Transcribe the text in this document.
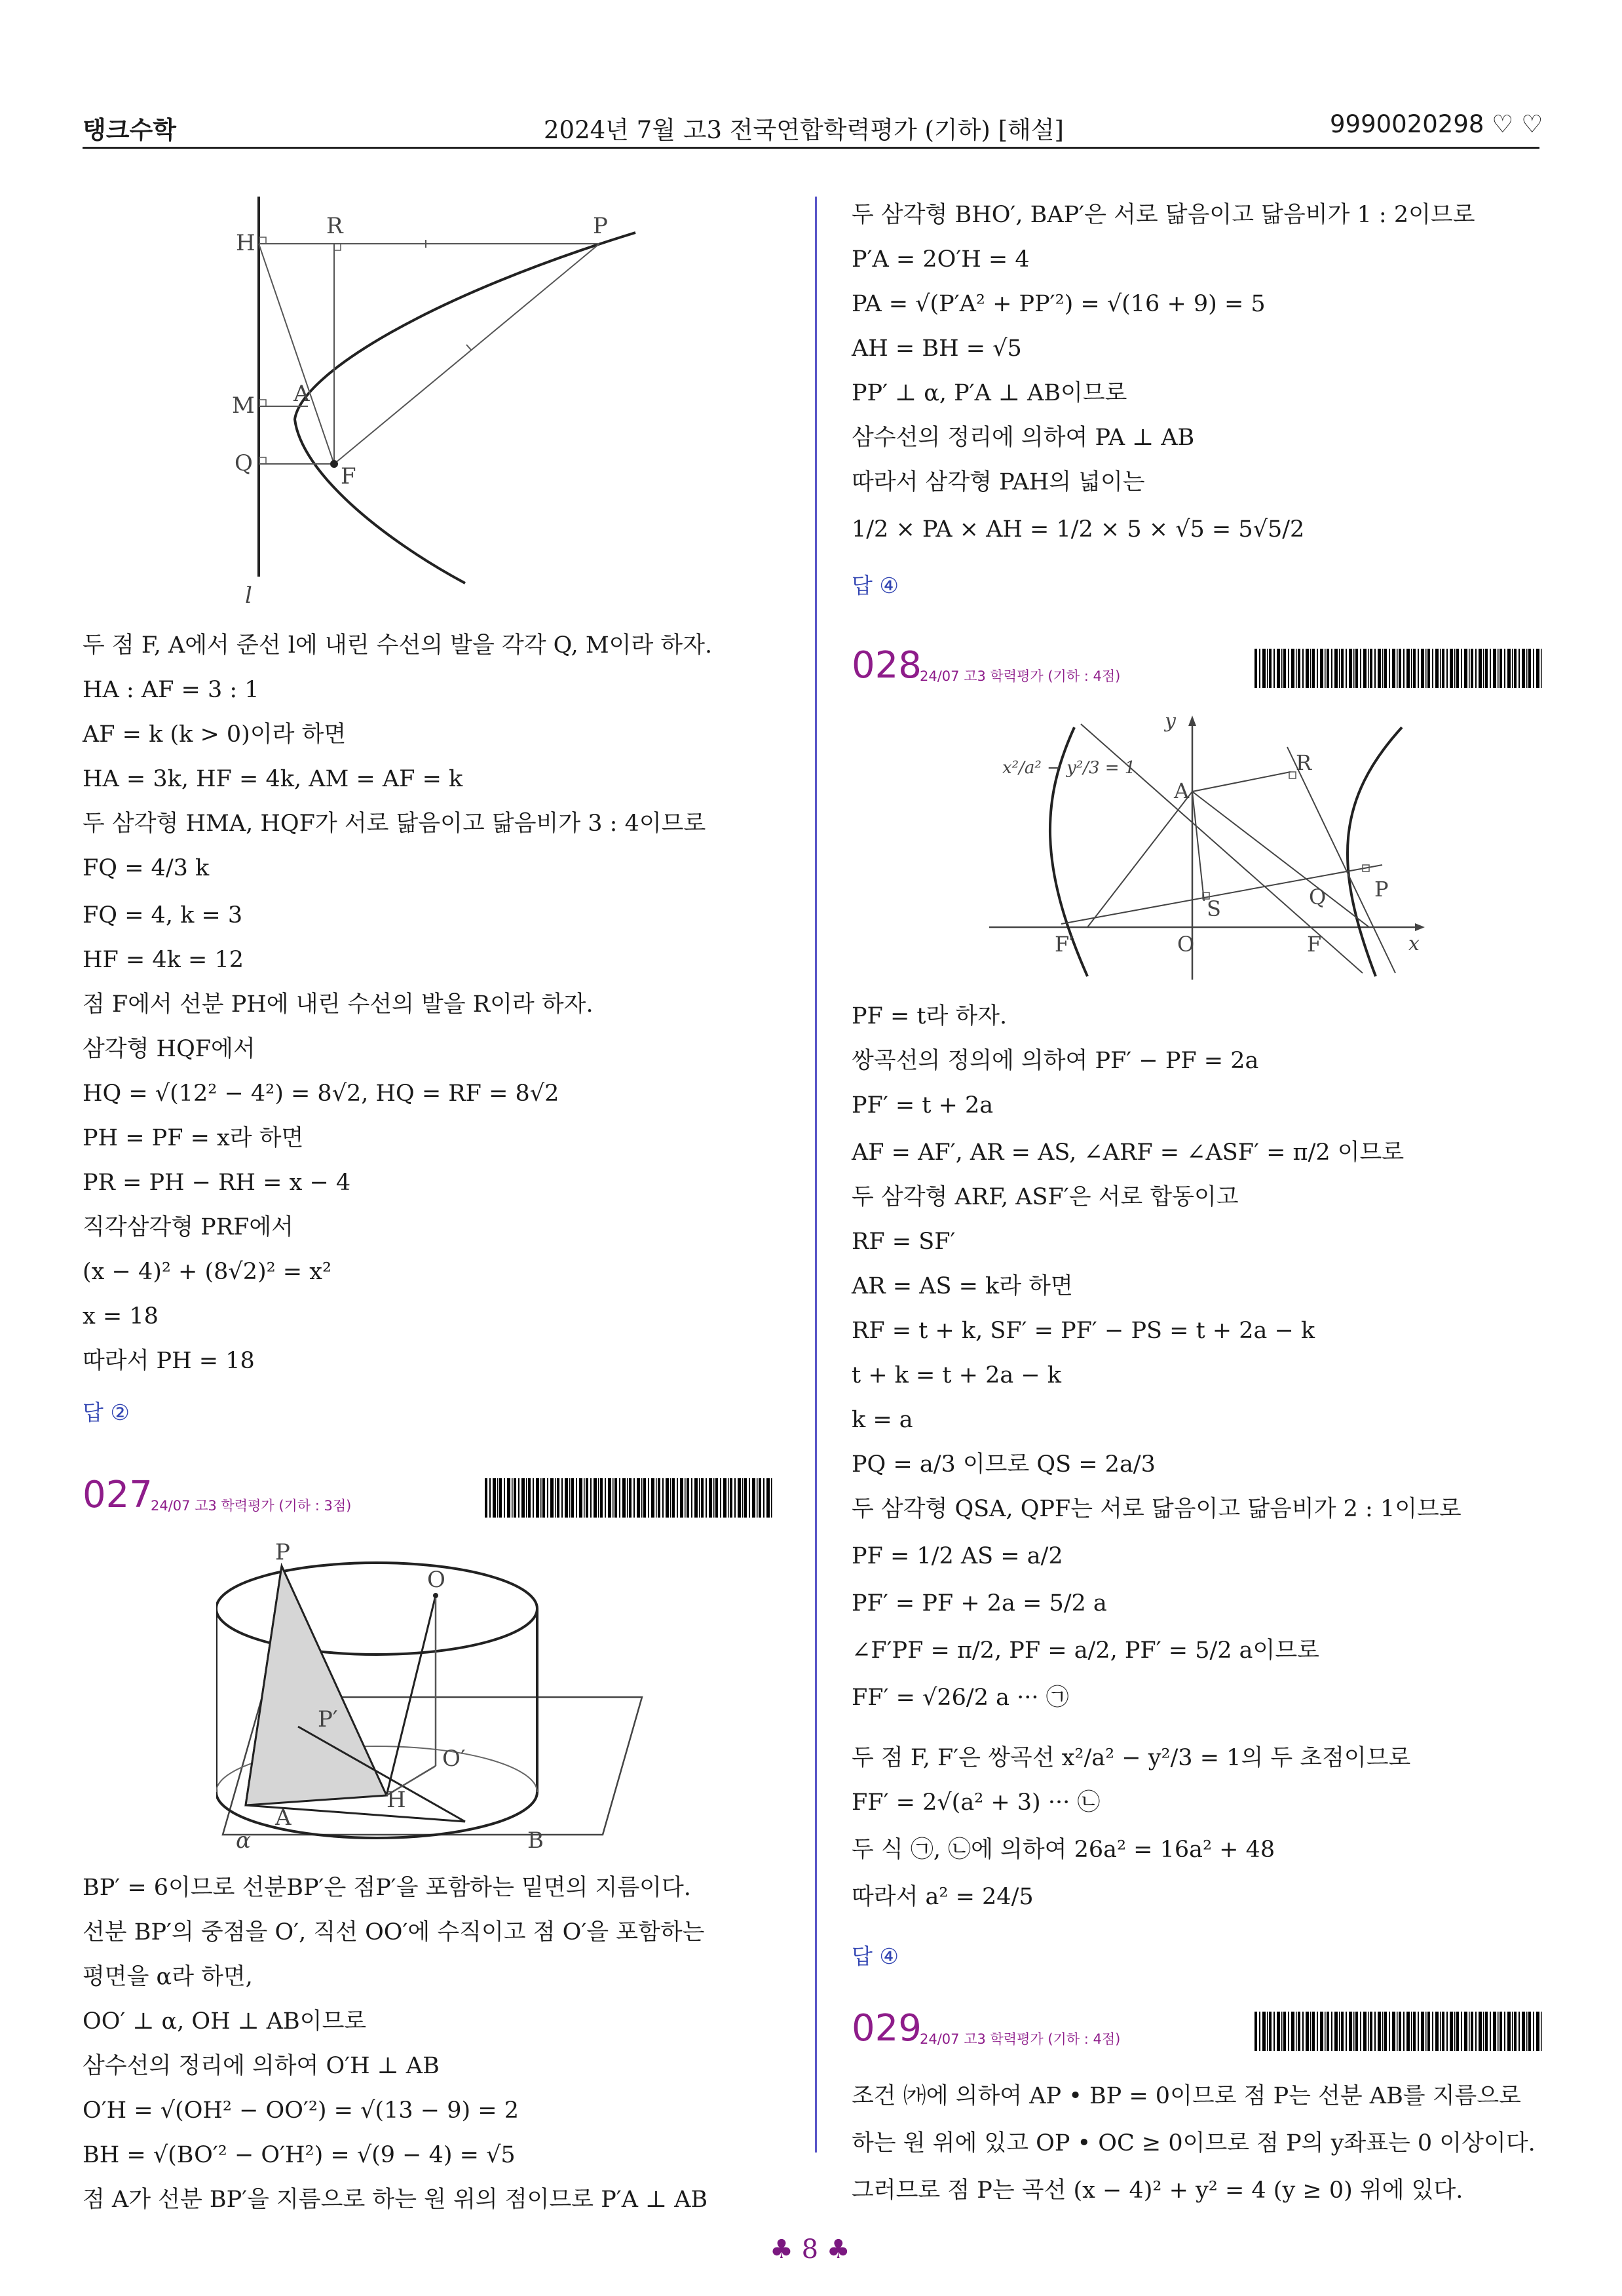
탱크수학	2024년 7월 고3 전국연합학력평가 (기하) [해설]	9990020298 ♡ ♡
H
R	P
M A
Q	F
l
두 점 F, A에서 준선 l에 내린 수선의 발을 각각 Q, M이라 하자.
HA : AF = 3 : 1
AF = k (k > 0)이라 하면
HA = 3k, HF = 4k, AM = AF = k
두 삼각형 HMA, HQF가 서로 닮음이고 닮음비가 3 : 4이므로
FQ = 4/3 k
FQ = 4, k = 3
HF = 4k = 12
점 F에서 선분 PH에 내린 수선의 발을 R이라 하자.
삼각형 HQF에서
HQ = √(12² − 4²) = 8√2, HQ = RF = 8√2
PH = PF = x라 하면
PR = PH − RH = x − 4
직각삼각형 PRF에서
(x − 4)² + (8√2)² = x²
x = 18
따라서 PH = 18
답 ②
027
24/07 고3 학력평가 (기하 : 3점)
P
O
P′
O′
A
H
B
α
BP′ = 6이므로 선분BP′은 점P′을 포함하는 밑면의 지름이다.
선분 BP′의 중점을 O′, 직선 OO′에 수직이고 점 O′을 포함하는
평면을 α라 하면,
OO′ ⊥ α, OH ⊥ AB이므로
삼수선의 정리에 의하여 O′H ⊥ AB
O′H = √(OH² − OO′²) = √(13 − 9) = 2
BH = √(BO′² − O′H²) = √(9 − 4) = √5
점 A가 선분 BP′을 지름으로 하는 원 위의 점이므로 P′A ⊥ AB
두 삼각형 BHO′, BAP′은 서로 닮음이고 닮음비가 1 : 2이므로
P′A = 2O′H = 4
PA = √(P′A² + PP′²) = √(16 + 9) = 5
AH = BH = √5
PP′ ⊥ α, P′A ⊥ AB이므로
삼수선의 정리에 의하여 PA ⊥ AB
따라서 삼각형 PAH의 넓이는
1/2 × PA × AH = 1/2 × 5 × √5 = 5√5/2
답 ④
028
24/07 고3 학력평가 (기하 : 4점)
x²/a² − y²/3 = 1
y
x
A
R
S	Q P
F′	O	F
PF = t라 하자.
쌍곡선의 정의에 의하여 PF′ − PF = 2a
PF′ = t + 2a
AF = AF′, AR = AS, ∠ARF = ∠ASF′ = π/2 이므로
두 삼각형 ARF, ASF′은 서로 합동이고
RF = SF′
AR = AS = k라 하면
RF = t + k, SF′ = PF′ − PS = t + 2a − k
t + k = t + 2a − k
k = a
PQ = a/3 이므로 QS = 2a/3
두 삼각형 QSA, QPF는 서로 닮음이고 닮음비가 2 : 1이므로
PF = 1/2 AS = a/2
PF′ = PF + 2a = 5/2 a
∠F′PF = π/2, PF = a/2, PF′ = 5/2 a이므로
FF′ = √26/2 a ··· ㉠
두 점 F, F′은 쌍곡선 x²/a² − y²/3 = 1의 두 초점이므로
FF′ = 2√(a² + 3) ··· ㉡
두 식 ㉠, ㉡에 의하여 26a² = 16a² + 48
따라서 a² = 24/5
답 ④
029
24/07 고3 학력평가 (기하 : 4점)
조건 ㈎에 의하여 AP • BP = 0이므로 점 P는 선분 AB를 지름으로
하는 원 위에 있고 OP • OC ≥ 0이므로 점 P의 y좌표는 0 이상이다.
그러므로 점 P는 곡선 (x − 4)² + y² = 4 (y ≥ 0) 위에 있다.
♣ 8 ♣
